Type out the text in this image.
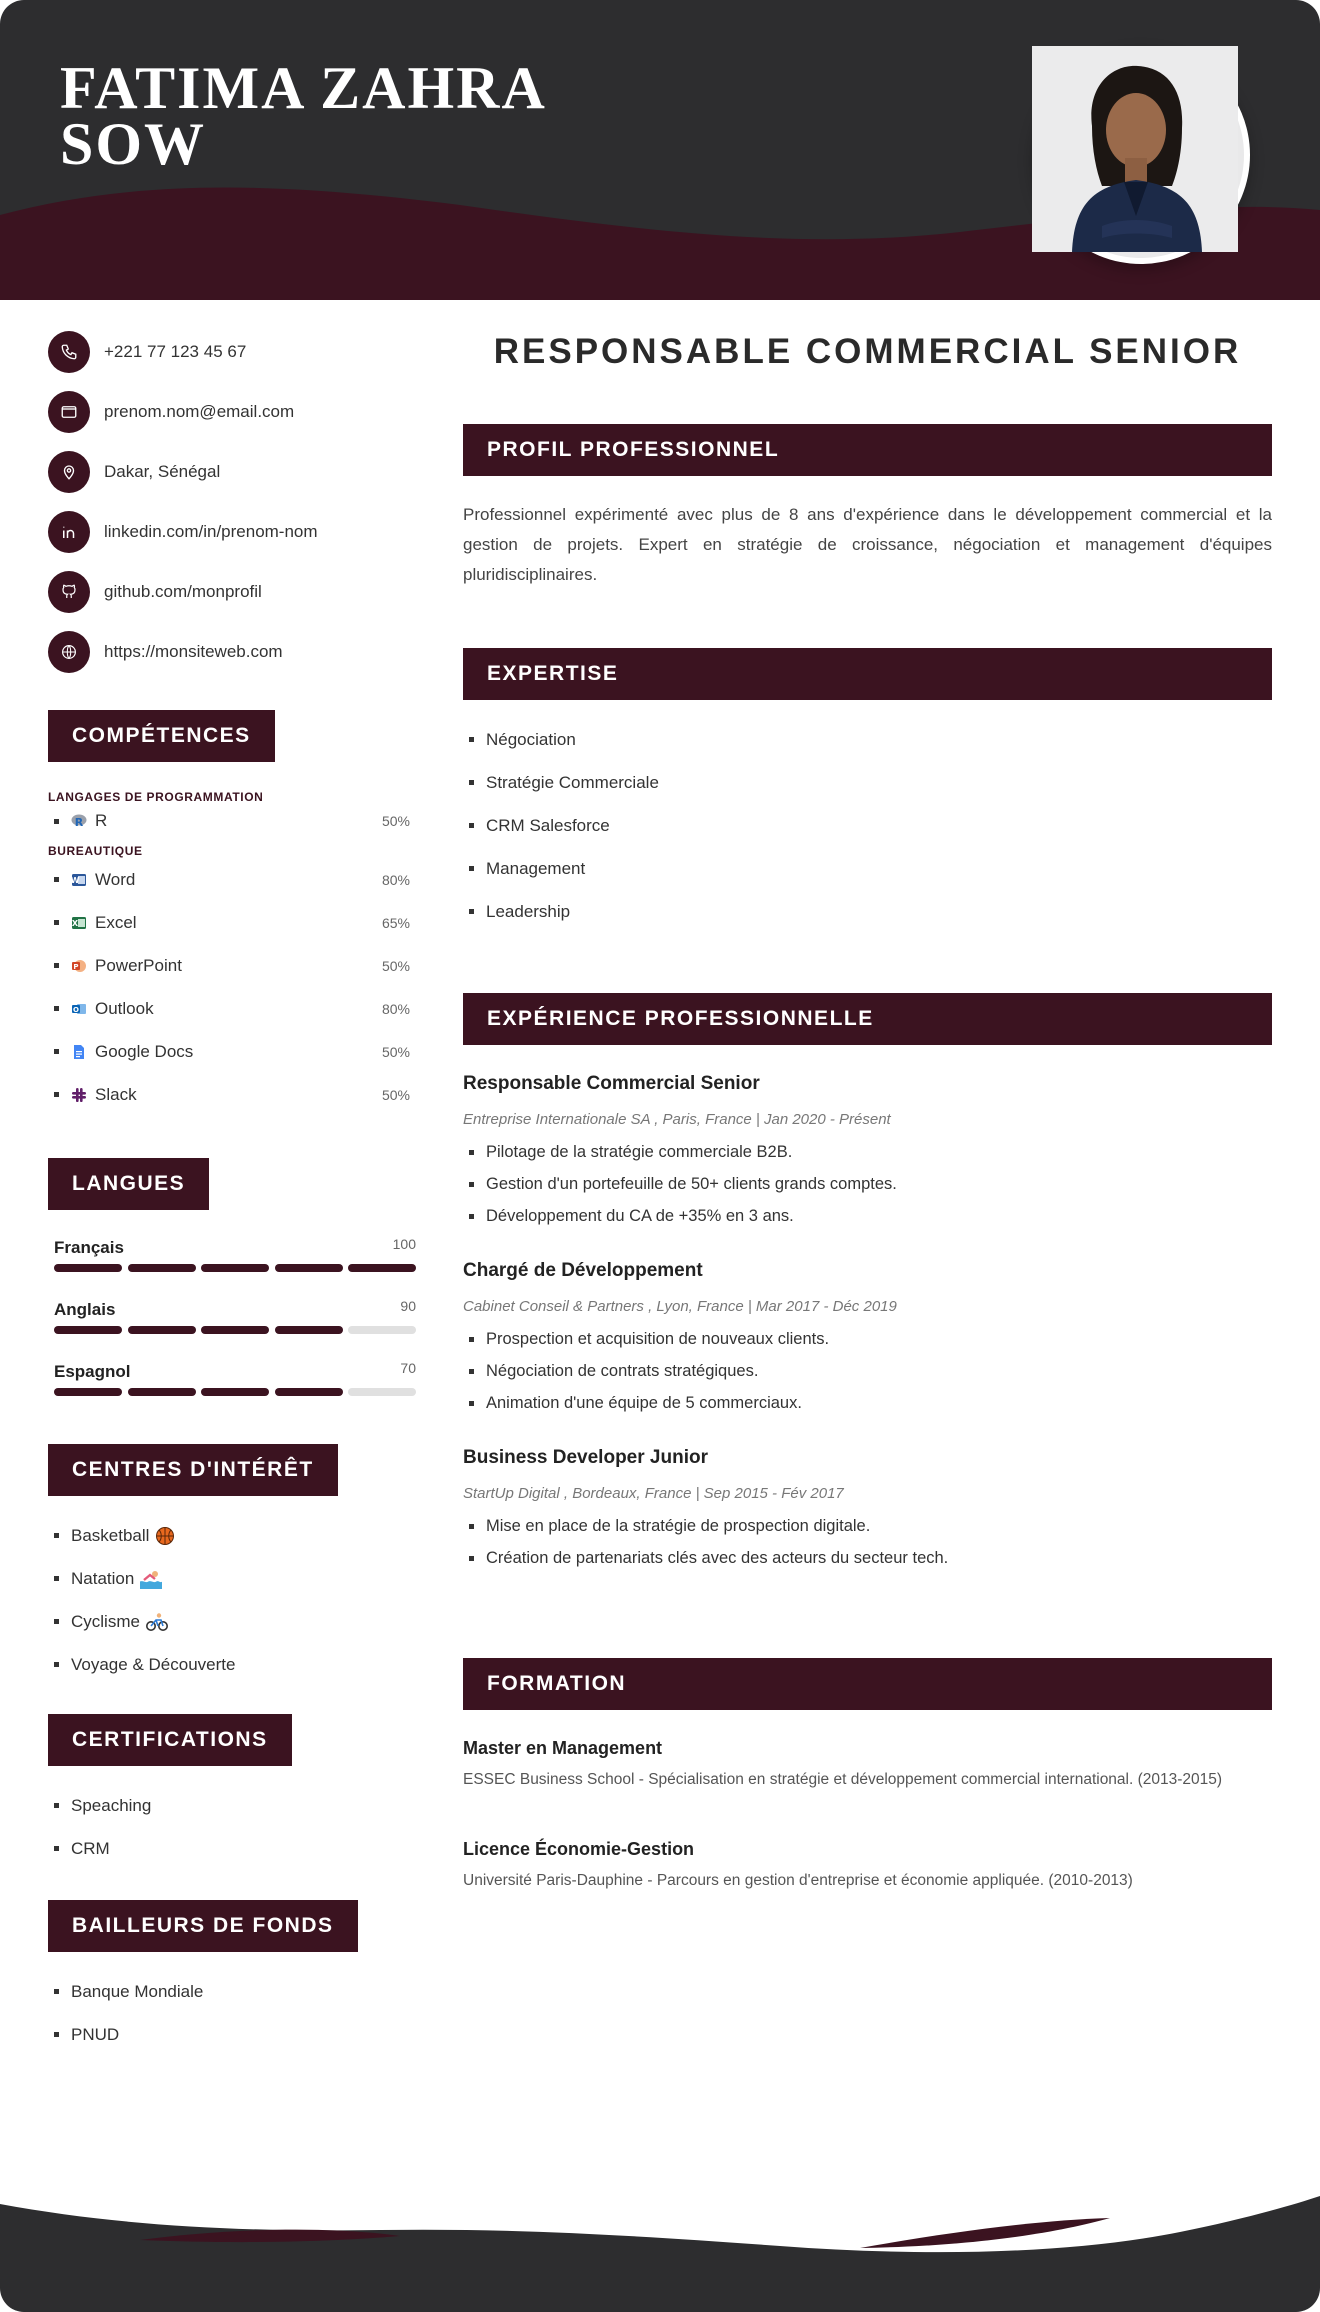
FATIMA ZAHRA
SOW
+221 77 123 45 67
prenom.nom@email.com
Dakar, Sénégal
linkedin.com/in/prenom-nom
github.com/monprofil
https://monsiteweb.com
COMPÉTENCES
LANGAGES DE PROGRAMMATION
R R	50%
BUREAUTIQUE
W Word	80%
X Excel	65%
P PowerPoint	50%
O Outlook	80%
Google Docs	50%
Slack	50%
LANGUES
Français	100
Anglais	90
Espagnol	70
CENTRES D'INTÉRÊT
Basketball
Natation
Cyclisme
Voyage & Découverte
CERTIFICATIONS
Speaching
CRM
BAILLEURS DE FONDS
Banque Mondiale
PNUD
RESPONSABLE COMMERCIAL SENIOR
PROFIL PROFESSIONNEL

Professionnel expérimenté avec plus de 8 ans d'expérience dans le développement commercial et la gestion de projets. Expert en stratégie de croissance, négociation et management d'équipes pluridisciplinaires.

EXPERTISE
Négociation
Stratégie Commerciale
CRM Salesforce
Management
Leadership
EXPÉRIENCE PROFESSIONNELLE
Responsable Commercial Senior
Entreprise Internationale SA , Paris, France | Jan 2020 - Présent
Pilotage de la stratégie commerciale B2B.
Gestion d'un portefeuille de 50+ clients grands comptes.
Développement du CA de +35% en 3 ans.
Chargé de Développement
Cabinet Conseil & Partners , Lyon, France | Mar 2017 - Déc 2019
Prospection et acquisition de nouveaux clients.
Négociation de contrats stratégiques.
Animation d'une équipe de 5 commerciaux.
Business Developer Junior
StartUp Digital , Bordeaux, France | Sep 2015 - Fév 2017
Mise en place de la stratégie de prospection digitale.
Création de partenariats clés avec des acteurs du secteur tech.
FORMATION
Master en Management
ESSEC Business School - Spécialisation en stratégie et développement commercial international. (2013-2015)
Licence Économie-Gestion
Université Paris-Dauphine - Parcours en gestion d'entreprise et économie appliquée. (2010-2013)
